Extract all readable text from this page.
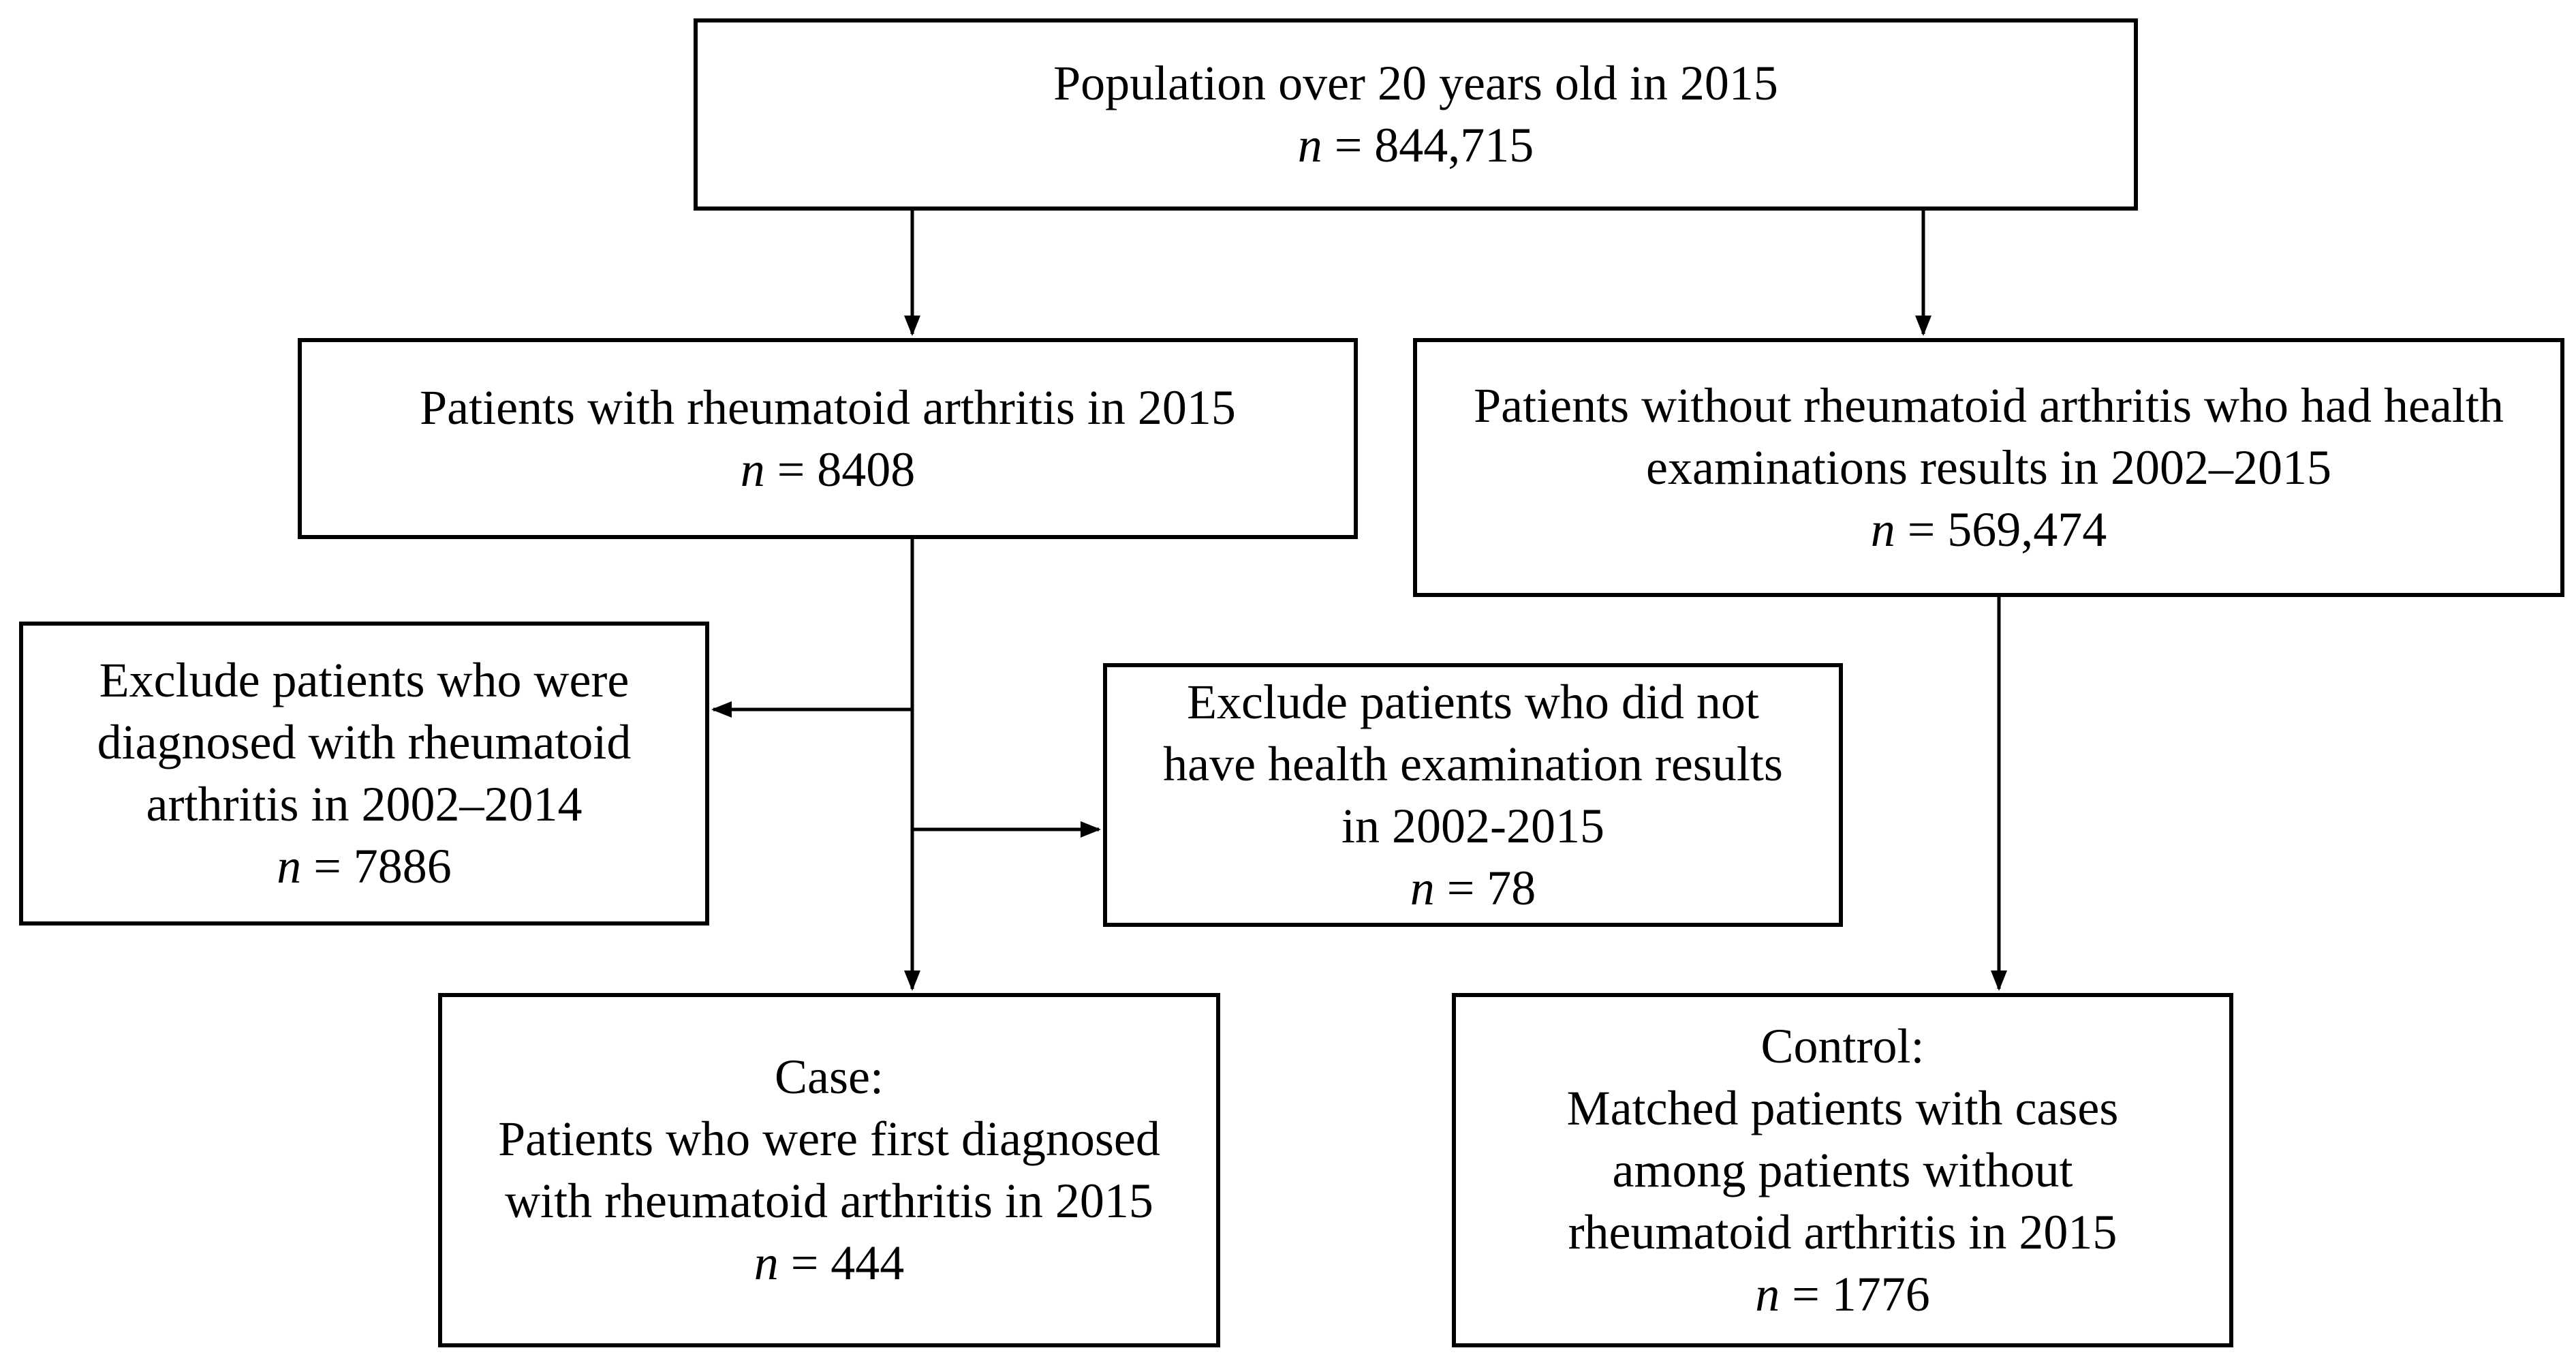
Population over 20 years old in 2015
n = 844,715
Patients with rheumatoid arthritis in 2015
n = 8408
Patients without rheumatoid arthritis who had health
examinations results in 2002–2015
n = 569,474
Exclude patients who were
diagnosed with rheumatoid
arthritis in 2002–2014
n = 7886
Exclude patients who did not
have health examination results
in 2002-2015
n = 78
Case:
Patients who were first diagnosed
with rheumatoid arthritis in 2015
n = 444
Control:
Matched patients with cases
among patients without
rheumatoid arthritis in 2015
n = 1776
